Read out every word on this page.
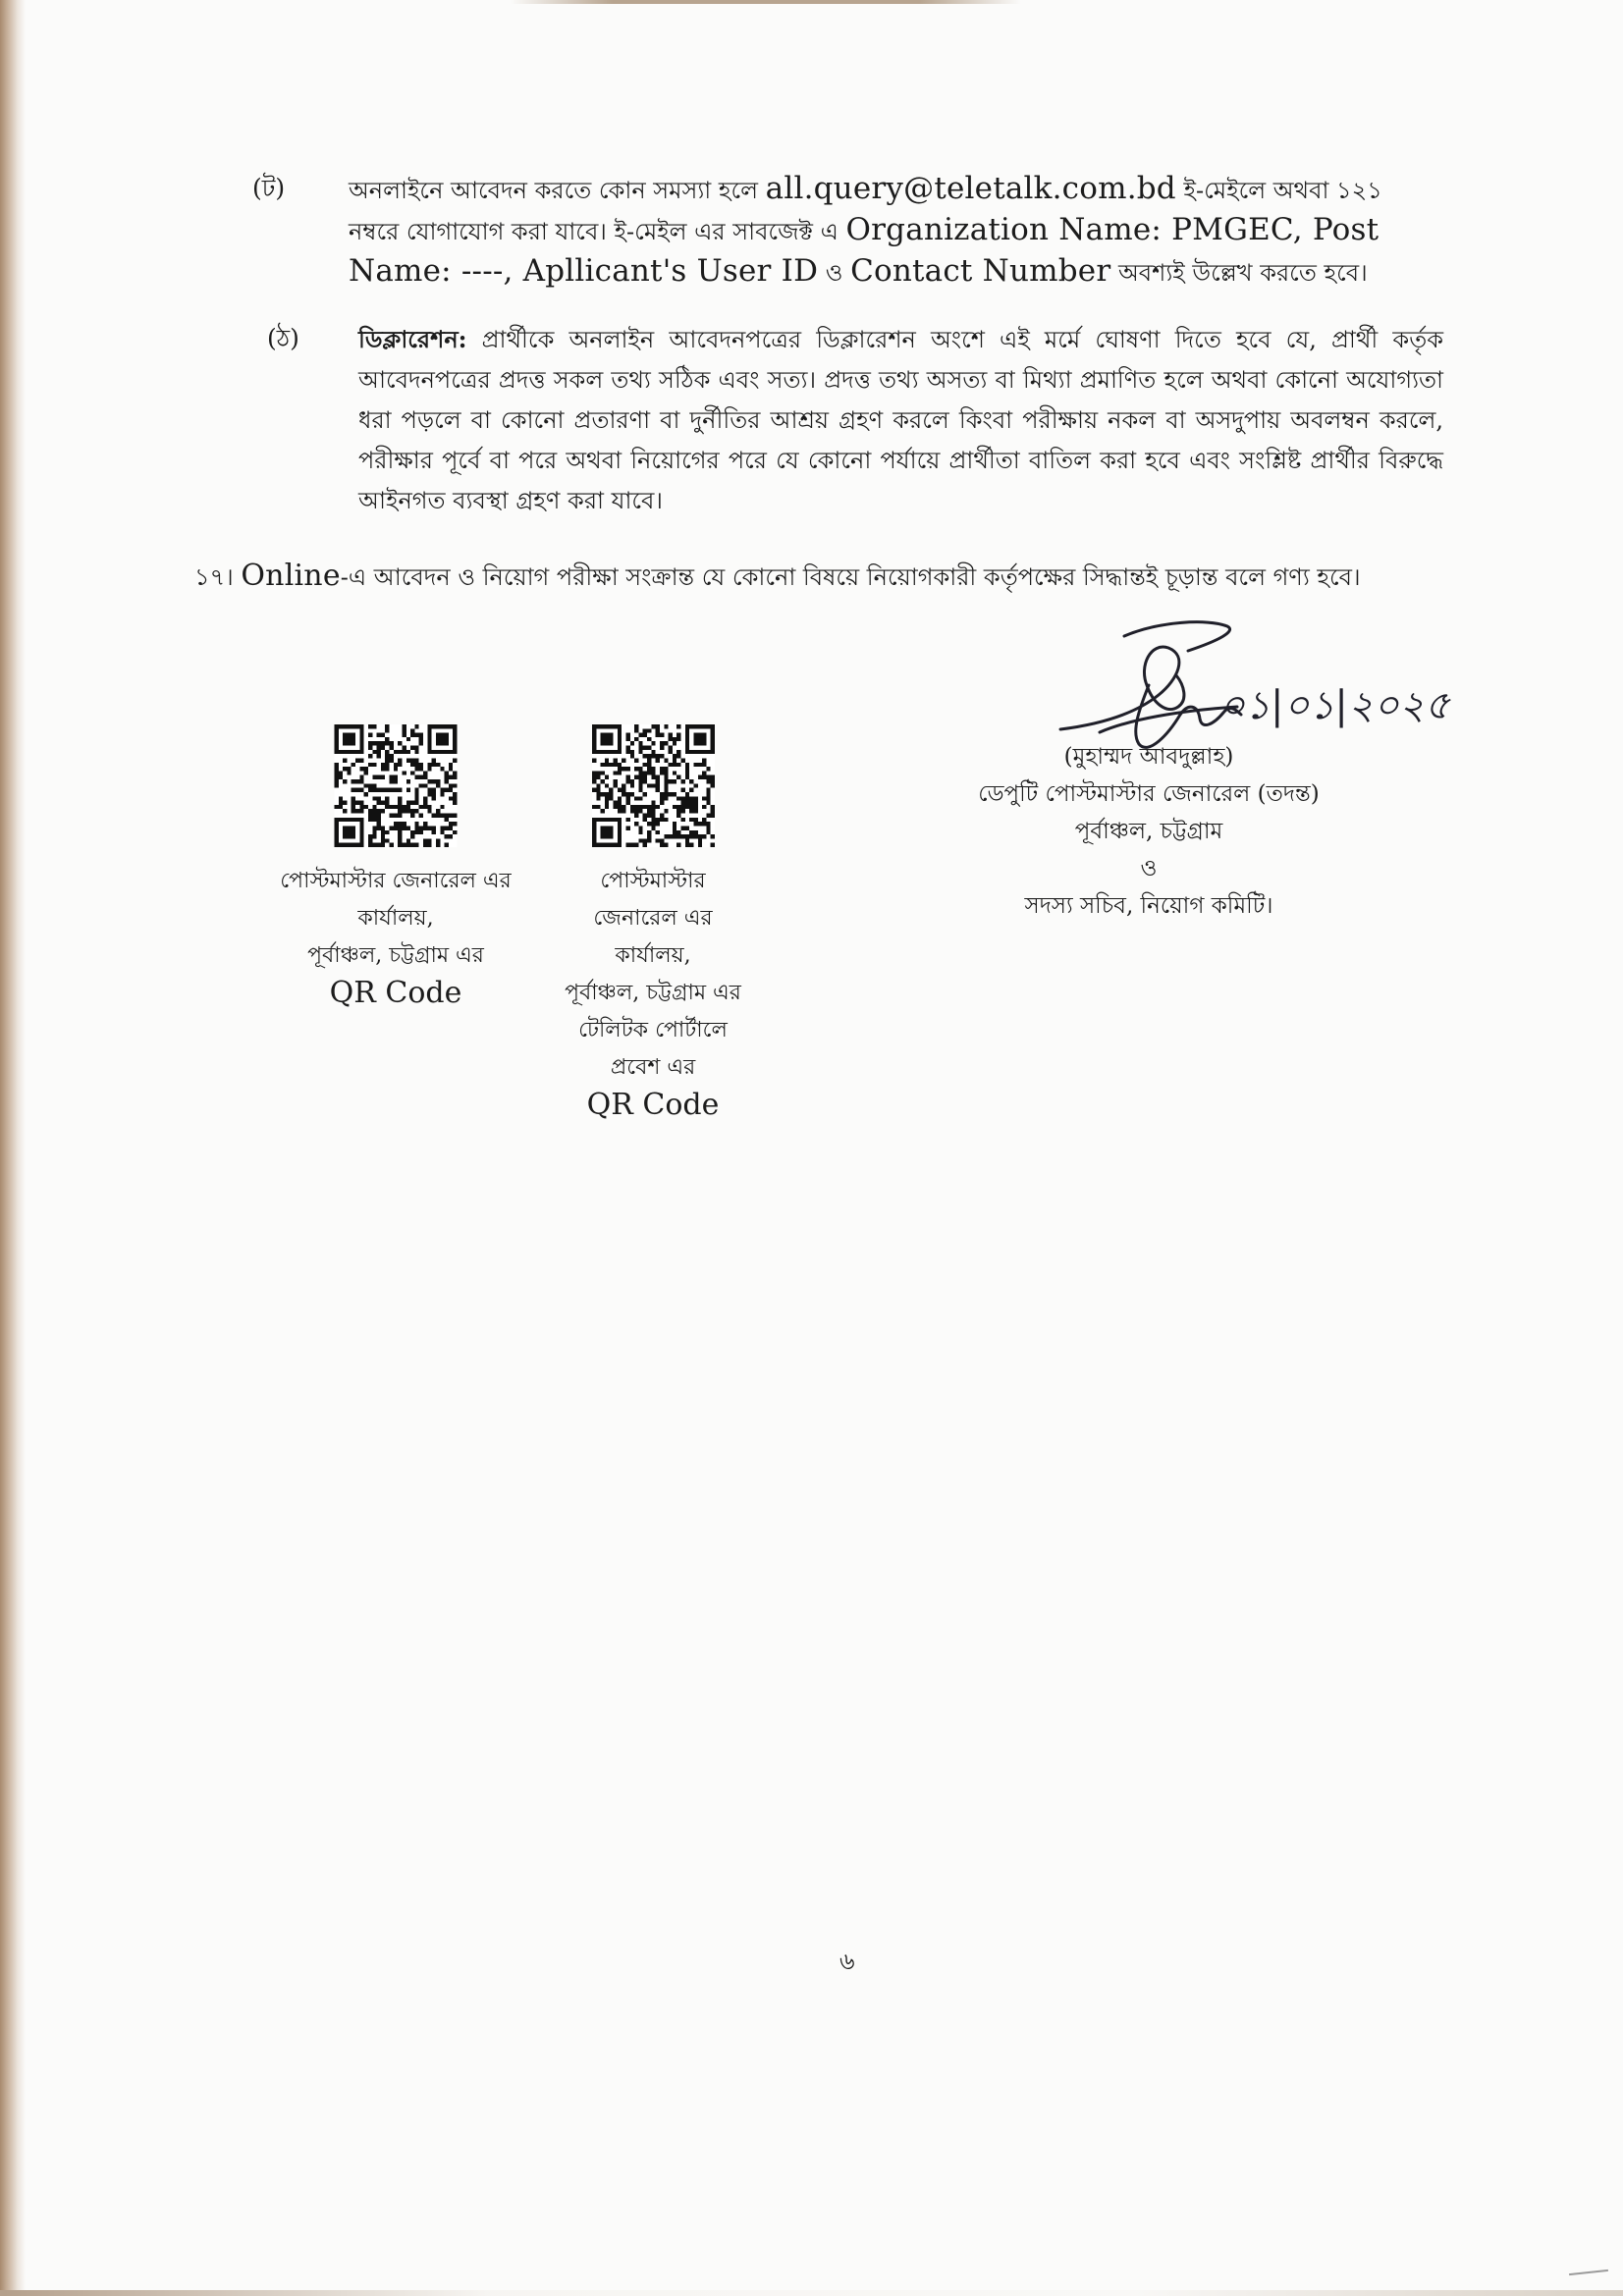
(ট)	অনলাইনে আবেদন করতে কোন সমস্যা হলে all.query@teletalk.com.bd ই-মেইলে অথবা ১২১
নম্বরে যোগাযোগ করা যাবে। ই-মেইল এর সাবজেক্ট এ Organization Name: PMGEC, Post
Name: ----, Apllicant's User ID ও Contact Number অবশ্যই উল্লেখ করতে হবে।
(ঠ)	ডিক্লারেশন: প্রার্থীকে অনলাইন আবেদনপত্রের ডিক্লারেশন অংশে এই মর্মে ঘোষণা দিতে হবে যে, প্রার্থী কর্তৃক আবেদনপত্রের প্রদত্ত সকল তথ্য সঠিক এবং সত্য। প্রদত্ত তথ্য অসত্য বা মিথ্যা প্রমাণিত হলে অথবা কোনো অযোগ্যতা ধরা পড়লে বা কোনো প্রতারণা বা দুর্নীতির আশ্রয় গ্রহণ করলে কিংবা পরীক্ষায় নকল বা অসদুপায় অবলম্বন করলে, পরীক্ষার পূর্বে বা পরে অথবা নিয়োগের পরে যে কোনো পর্যায়ে প্রার্থীতা বাতিল করা হবে এবং সংশ্লিষ্ট প্রার্থীর বিরুদ্ধে আইনগত ব্যবস্থা গ্রহণ করা যাবে।
১৭। Online-এ আবেদন ও নিয়োগ পরীক্ষা সংক্রান্ত যে কোনো বিষয়ে নিয়োগকারী কর্তৃপক্ষের সিদ্ধান্তই চূড়ান্ত বলে গণ্য হবে।
০১|০১|২০২৫
(মুহাম্মদ আবদুল্লাহ)
ডেপুটি পোস্টমাস্টার জেনারেল (তদন্ত)
পূর্বাঞ্চল, চট্টগ্রাম
ও
সদস্য সচিব, নিয়োগ কমিটি।
পোস্টমাস্টার জেনারেল এর
কার্যালয়,
পূর্বাঞ্চল, চট্টগ্রাম এর
QR Code
পোস্টমাস্টার
জেনারেল এর
কার্যালয়,
পূর্বাঞ্চল, চট্টগ্রাম এর
টেলিটক পোর্টালে
প্রবেশ এর
QR Code
৬
